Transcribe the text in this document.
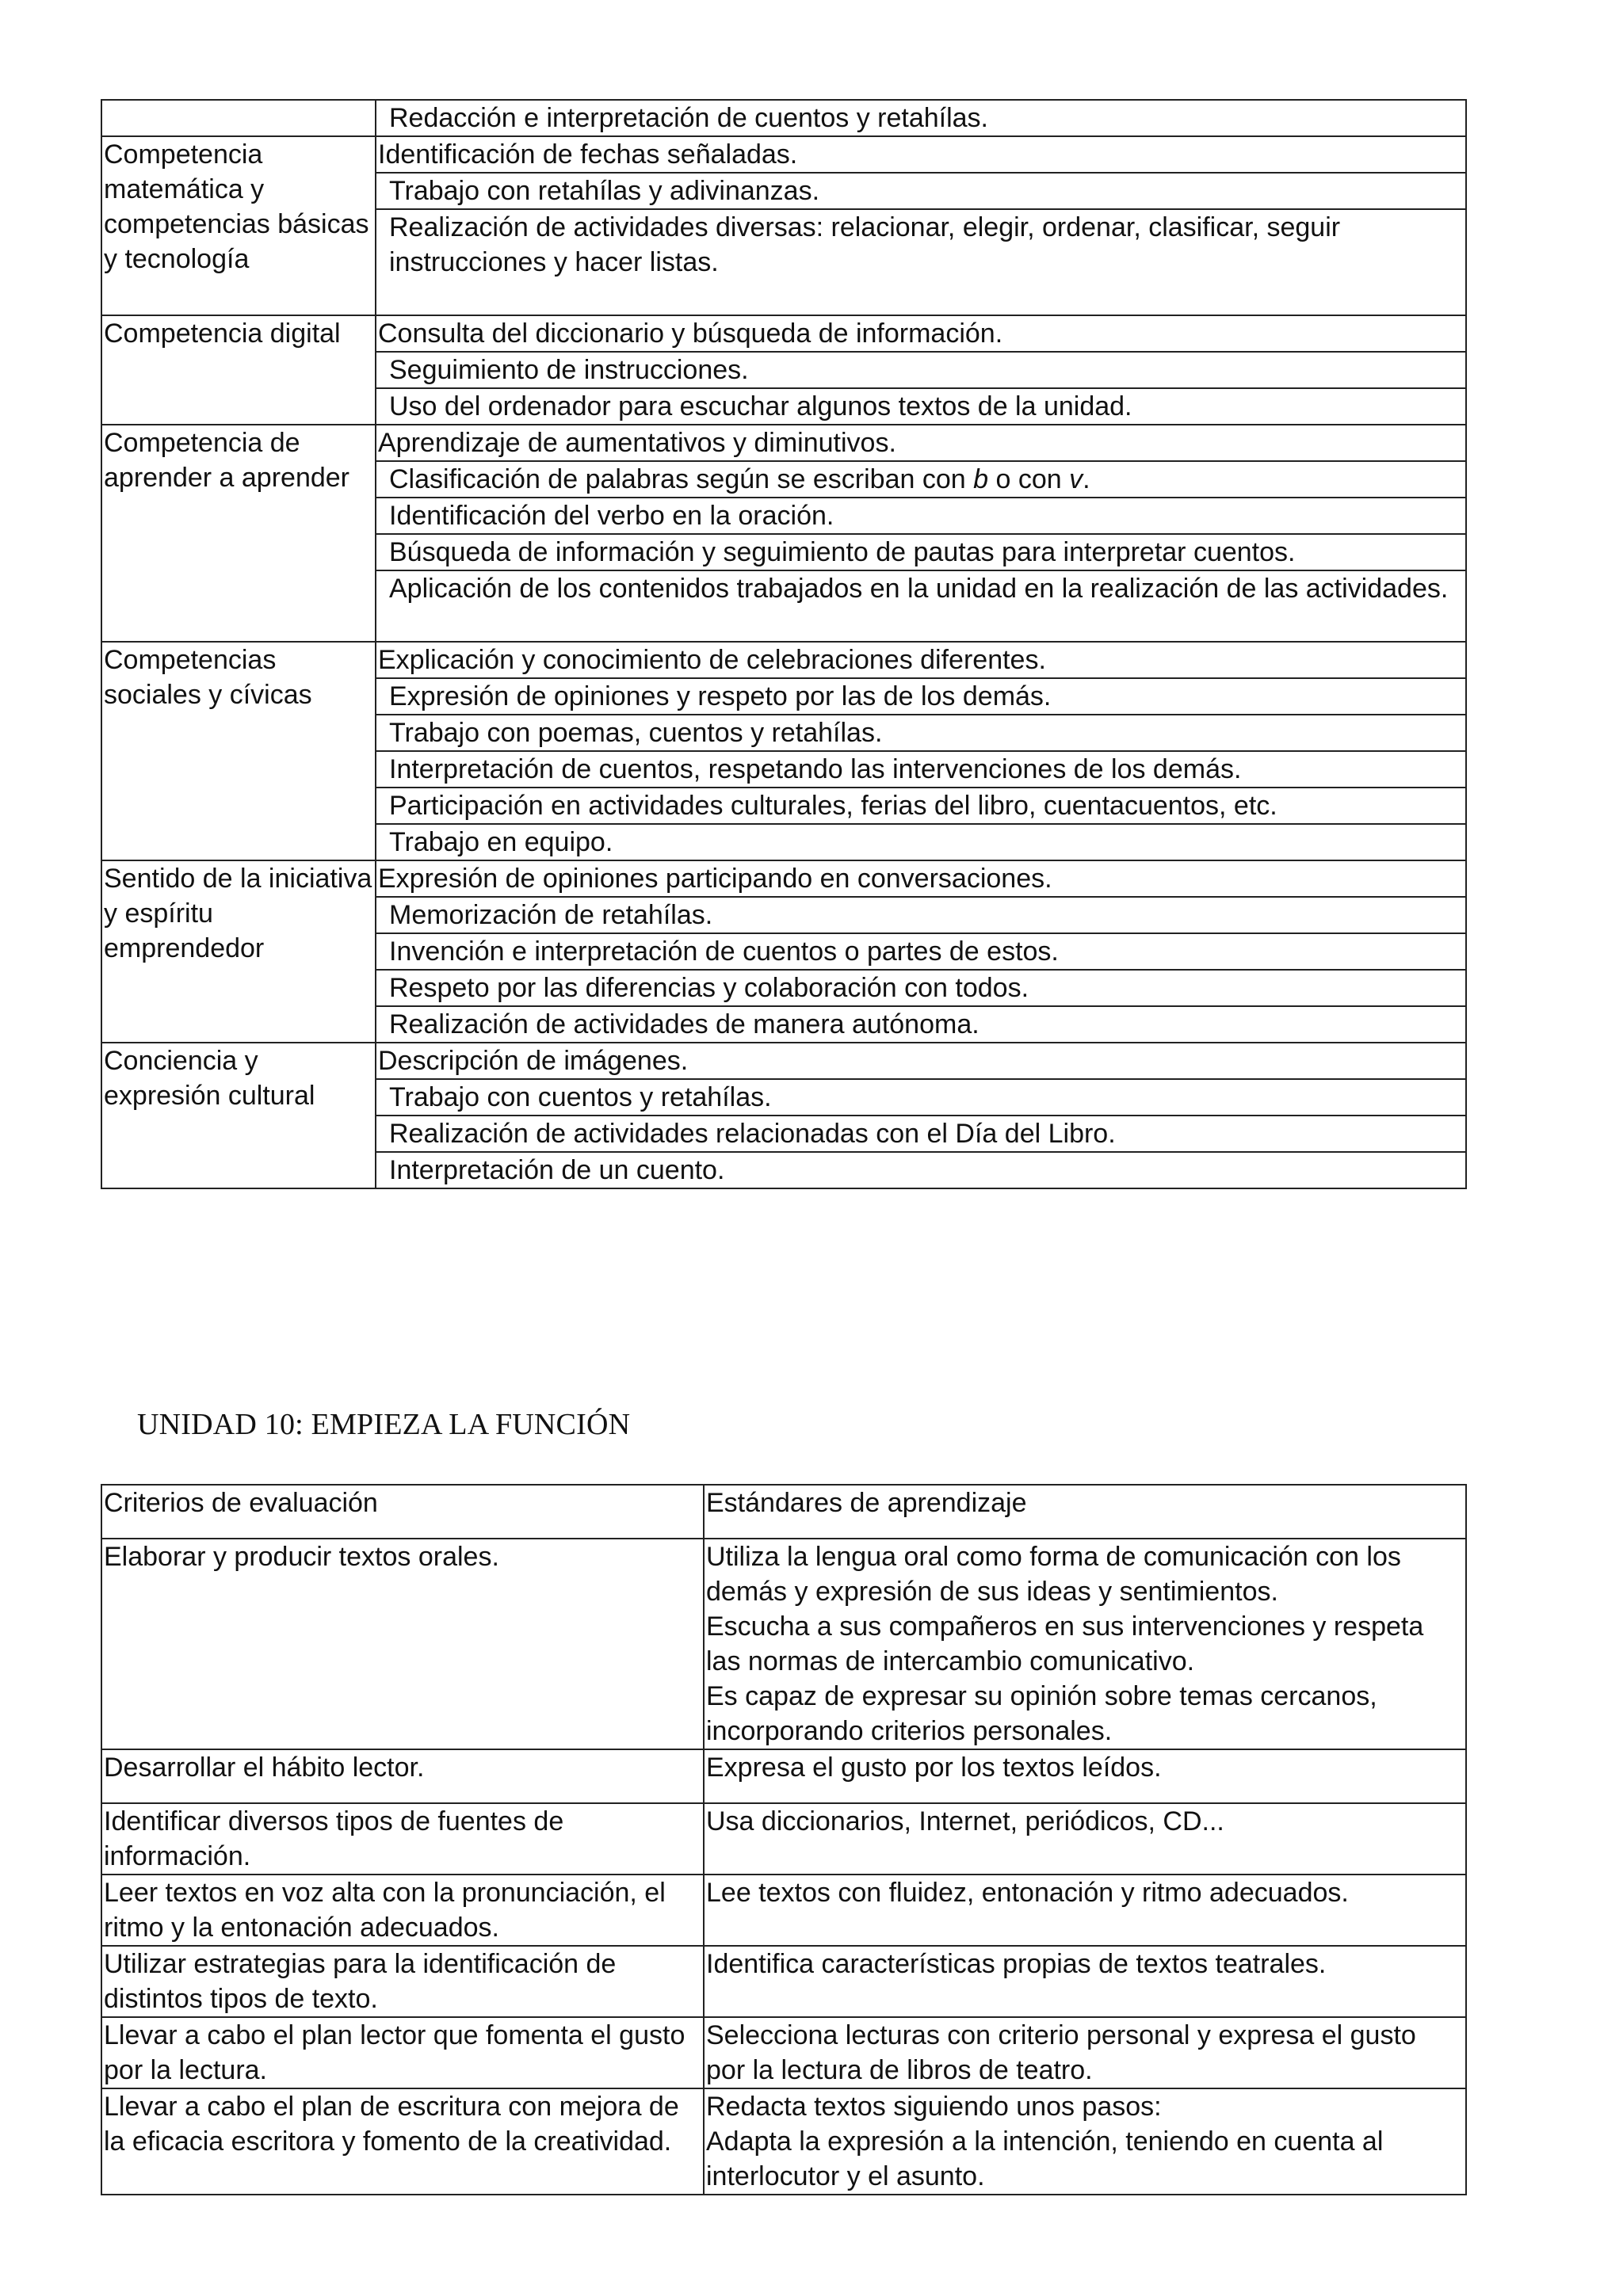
	Redacción e interpretación de cuentos y retahílas.
Competencia matemática y competencias básicas y tecnología	Identificación de fechas señaladas.
	Trabajo con retahílas y adivinanzas.
	Realización de actividades diversas: relacionar, elegir, ordenar, clasificar, seguir instrucciones y hacer listas.
Competencia digital	Consulta del diccionario y búsqueda de información.
	Seguimiento de instrucciones.
	Uso del ordenador para escuchar algunos textos de la unidad.
Competencia de aprender a aprender	Aprendizaje de aumentativos y diminutivos.
	Clasificación de palabras según se escriban con b o con v.
	Identificación del verbo en la oración.
	Búsqueda de información y seguimiento de pautas para interpretar cuentos.
	Aplicación de los contenidos trabajados en la unidad en la realización de las actividades.
Competencias sociales y cívicas	Explicación y conocimiento de celebraciones diferentes.
	Expresión de opiniones y respeto por las de los demás.
	Trabajo con poemas, cuentos y retahílas.
	Interpretación de cuentos, respetando las intervenciones de los demás.
	Participación en actividades culturales, ferias del libro, cuentacuentos, etc.
	Trabajo en equipo.
Sentido de la iniciativa y espíritu emprendedor	Expresión de opiniones participando en conversaciones.
	Memorización de retahílas.
	Invención e interpretación de cuentos o partes de estos.
	Respeto por las diferencias y colaboración con todos.
	Realización de actividades de manera autónoma.
Conciencia y expresión cultural	Descripción de imágenes.
	Trabajo con cuentos y retahílas.
	Realización de actividades relacionadas con el Día del Libro.
	Interpretación de un cuento.
UNIDAD 10: EMPIEZA LA FUNCIÓN
Criterios de evaluación	Estándares de aprendizaje
Elaborar y producir textos orales.	Utiliza la lengua oral como forma de comunicación con los demás y expresión de sus ideas y sentimientos.
Escucha a sus compañeros en sus intervenciones y respeta las normas de intercambio comunicativo.
Es capaz de expresar su opinión sobre temas cercanos, incorporando criterios personales.

Desarrollar el hábito lector.	Expresa el gusto por los textos leídos.
Identificar diversos tipos de fuentes de información.	Usa diccionarios, Internet, periódicos, CD...
Leer textos en voz alta con la pronunciación, el ritmo y la entonación adecuados.	Lee textos con fluidez, entonación y ritmo adecuados.
Utilizar estrategias para la identificación de distintos tipos de texto.	Identifica características propias de textos teatrales.
Llevar a cabo el plan lector que fomenta el gusto por la lectura.	Selecciona lecturas con criterio personal y expresa el gusto por la lectura de libros de teatro.
Llevar a cabo el plan de escritura con mejora de la eficacia escritora y fomento de la creatividad.	Redacta textos siguiendo unos pasos:
Adapta la expresión a la intención, teniendo en cuenta al interlocutor y el asunto.
